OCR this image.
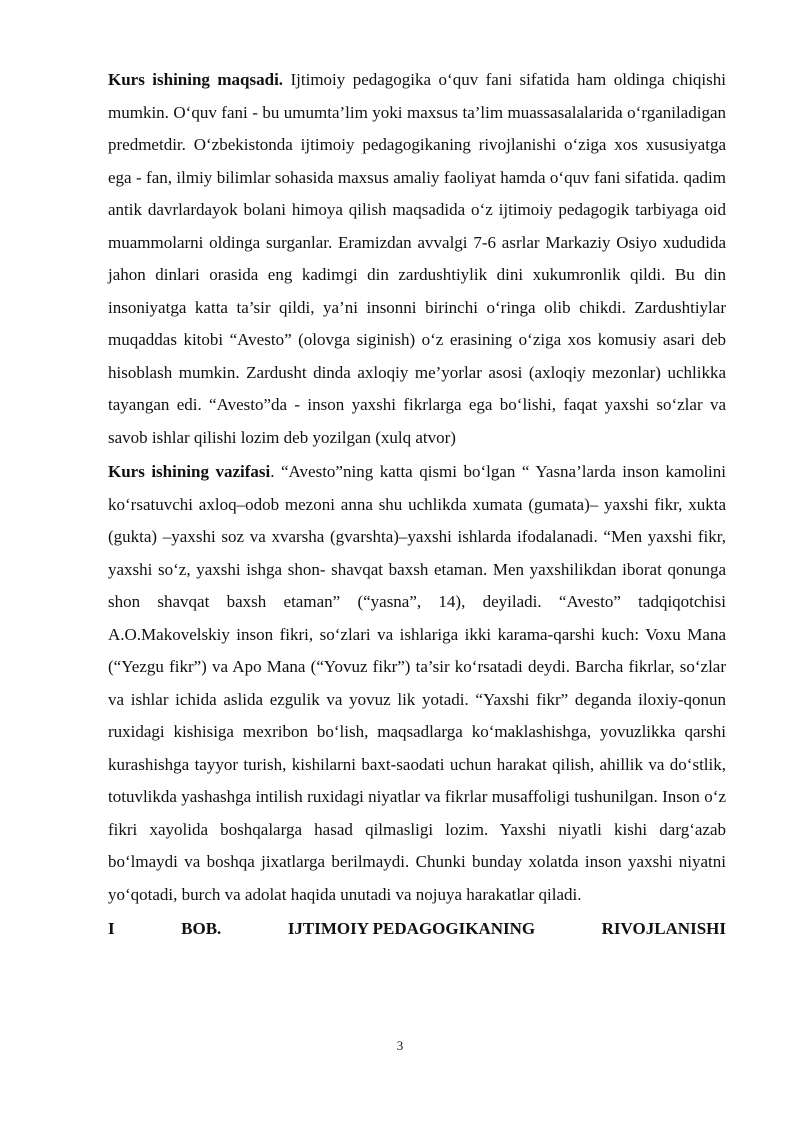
Kurs ishining maqsadi. Ijtimoiy pedagogika o‘quv fani sifatida ham oldinga chiqishi mumkin. O‘quv fani - bu umumta’lim yoki maxsus ta’lim muassasalalarida o‘rganiladigan predmetdir. O‘zbekistonda ijtimoiy pedagogikaning rivojlanishi o‘ziga xos xususiyatga ega - fan, ilmiy bilimlar sohasida maxsus amaliy faoliyat hamda o‘quv fani sifatida. qadim antik davrlardayok bolani himoya qilish maqsadida o‘z ijtimoiy pedagogik tarbiyaga oid muammolarni oldinga surganlar. Eramizdan avvalgi 7-6 asrlar Markaziy Osiyo xududida jahon dinlari orasida eng kadimgi din zardushtiylik dini xukumronlik qildi. Bu din insoniyatga katta ta’sir qildi, ya’ni insonni birinchi o‘ringa olib chikdi. Zardushtiylar muqaddas kitobi “Avesto” (olovga siginish) o‘z erasining o‘ziga xos komusiy asari deb hisoblash mumkin. Zardusht dinda axloqiy me’yorlar asosi (axloqiy mezonlar) uchlikka tayangan edi. “Avesto”da - inson yaxshi fikrlarga ega bo‘lishi, faqat yaxshi so‘zlar va savob ishlar qilishi lozim deb yozilgan (xulq atvor)

Kurs ishining vazifasi. “Avesto”ning katta qismi bo‘lgan “ Yasna’larda inson kamolini ko‘rsatuvchi axloq–odob mezoni anna shu uchlikda xumata (gumata)– yaxshi fikr, xukta (gukta) –yaxshi soz va xvarsha (gvarshta)–yaxshi ishlarda ifodalanadi. “Men yaxshi fikr, yaxshi so‘z, yaxshi ishga shon- shavqat baxsh etaman. Men yaxshilikdan iborat qonunga shon shavqat baxsh etaman” (“yasna”, 14), deyiladi. “Avesto” tadqiqotchisi A.O.Makovelskiy inson fikri, so‘zlari va ishlariga ikki karama-qarshi kuch: Voxu Mana (“Yezgu fikr”) va Apo Mana (“Yovuz fikr”) ta’sir ko‘rsatadi deydi. Barcha fikrlar, so‘zlar va ishlar ichida aslida ezgulik va yovuz lik yotadi. “Yaxshi fikr” deganda iloxiy-qonun ruxidagi kishisiga mexribon bo‘lish, maqsadlarga ko‘maklashishga, yovuzlikka qarshi kurashishga tayyor turish, kishilarni baxt-saodati uchun harakat qilish, ahillik va do‘stlik, totuvlikda yashashga intilish ruxidagi niyatlar va fikrlar musaffoligi tushunilgan. Inson o‘z fikri xayolida boshqalarga hasad qilmasligi lozim. Yaxshi niyatli kishi darg‘azab bo‘lmaydi va boshqa jixatlarga berilmaydi. Chunki bunday xolatda inson yaxshi niyatni yo‘qotadi, burch va adolat haqida unutadi va nojuya harakatlar qiladi.

I	BOB.	IJTIMOIY PEDAGOGIKANING	RIVOJLANISHI
3
